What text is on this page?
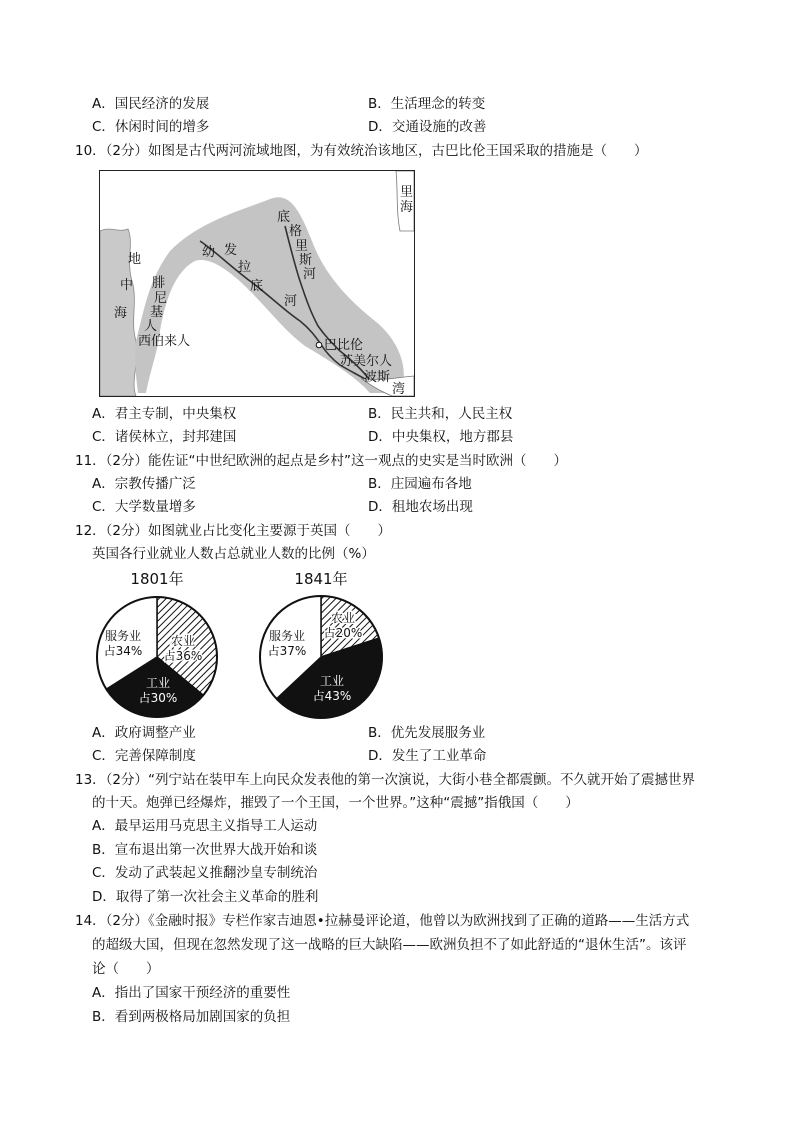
A．国民经济的发展	B．生活理念的转变
C．休闲时间的增多	D．交通设施的改善
10．（2分）如图是古代两河流域地图，为有效统治该地区，古巴比伦王国采取的措施是（　　）
地
中
海
腓
尼
基
人
西伯来人
幼 发
拉
底
河
底
格
里
斯
河
里
海
巴比伦
苏美尔人
波斯
湾
A．君主专制，中央集权	B．民主共和，人民主权
C．诸侯林立，封邦建国	D．中央集权，地方郡县
11．（2分）能佐证“中世纪欧洲的起点是乡村”这一观点的史实是当时欧洲（　　）
A．宗教传播广泛	B．庄园遍布各地
C．大学数量增多	D．租地农场出现
12．（2分）如图就业占比变化主要源于英国（　　）
英国各行业就业人数占总就业人数的比例（%）
1801年
农业
占36%
工业
占30%
服务业
占34%
1841年
农业
占20%
工业
占43%
服务业
占37%
A．政府调整产业	B．优先发展服务业
C．完善保障制度	D．发生了工业革命
13．（2分）“列宁站在装甲车上向民众发表他的第一次演说，大街小巷全都震颤。不久就开始了震撼世界
的十天。炮弹已经爆炸，摧毁了一个王国，一个世界。”这种“震撼”指俄国（　　）
A．最早运用马克思主义指导工人运动
B．宣布退出第一次世界大战开始和谈
C．发动了武装起义推翻沙皇专制统治
D．取得了第一次社会主义革命的胜利
14．（2分）《金融时报》专栏作家吉迪恩•拉赫曼评论道，他曾以为欧洲找到了正确的道路——生活方式
的超级大国，但现在忽然发现了这一战略的巨大缺陷——欧洲负担不了如此舒适的“退休生活”。该评
论（　　）
A．指出了国家干预经济的重要性
B．看到两极格局加剧国家的负担
